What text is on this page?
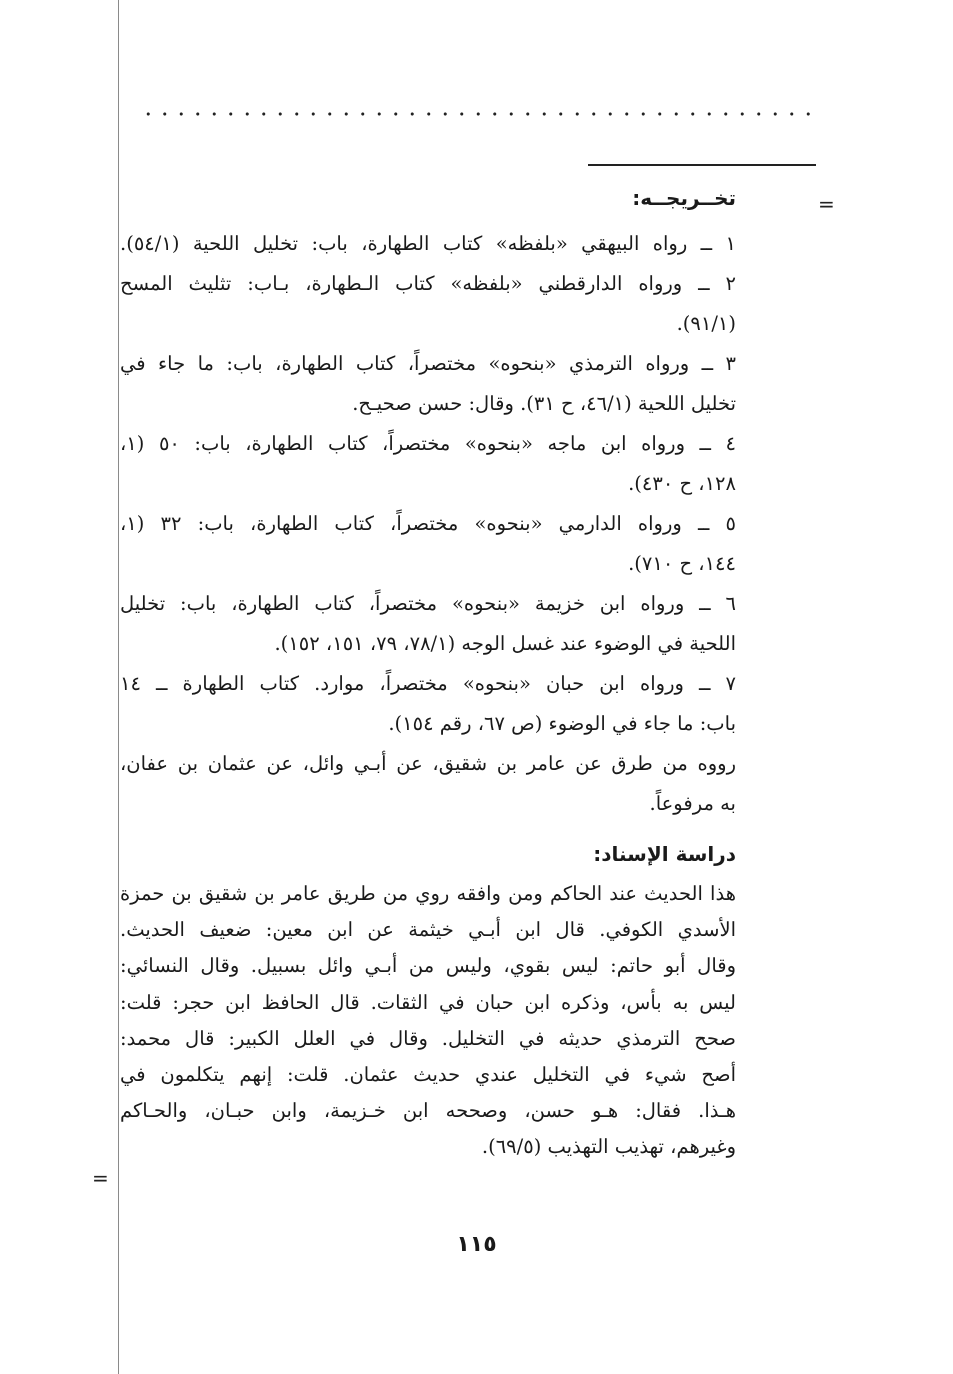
=
=
تخــريجــه:
١ ــ رواه البيهقي «بلفظه» كتاب الطهارة، باب: تخليل اللحية (٥٤/١).
٢ ــ ورواه الدارقطني «بلفظه» كتاب الـطهارة، بـاب: تثليث المسح
(٩١/١).
٣ ــ ورواه الترمذي «بنحوه» مختصراً، كتاب الطهارة، باب: ما جاء في
تخليل اللحية (٤٦/١، ح ٣١). وقال: حسن صحيـح.
٤ ــ ورواه ابن ماجه «بنحوه» مختصراً، كتاب الطهارة، باب: ٥٠ (١،
١٢٨، ح ٤٣٠).
٥ ــ ورواه الدارمي «بنحوه» مختصراً، كتاب الطهارة، باب: ٣٢ (١،
١٤٤، ح ٧١٠).
٦ ــ ورواه ابن خزيمة «بنحوه» مختصراً، كتاب الطهارة، باب: تخليل
اللحية في الوضوء عند غسل الوجه (٧٨/١، ٧٩، ١٥١، ١٥٢).
٧ ــ ورواه ابن حبان «بنحوه» مختصراً، موارد. كتاب الطهارة ــ ١٤
باب: ما جاء في الوضوء (ص ٦٧، رقم ١٥٤).
رووه من طرق عن عامر بن شقيق، عن أبـي وائل، عن عثمان بن عفان،
به مرفوعاً.
دراسة الإسناد:
هذا الحديث عند الحاكم ومن وافقه روي من طريق عامر بن شقيق بن حمزة
الأسدي الكوفي. قال ابن أبـي خيثمة عن ابن معين: ضعيف الحديث.
وقال أبو حاتم: ليس بقوي، وليس من أبـي وائل بسبيل. وقال النسائي:
ليس به بأس، وذكره ابن حبان في الثقات. قال الحافظ ابن حجر: قلت:
صحح الترمذي حديثه في التخليل. وقال في العلل الكبير: قال محمد:
أصح شيء في التخليل عندي حديث عثمان. قلت: إنهم يتكلمون في
هـذا. فقال: هـو حسن، وصححه ابن خـزيمة، وابن حبـان، والحـاكم
وغيرهم، تهذيب التهذيب (٦٩/٥).
١١٥
